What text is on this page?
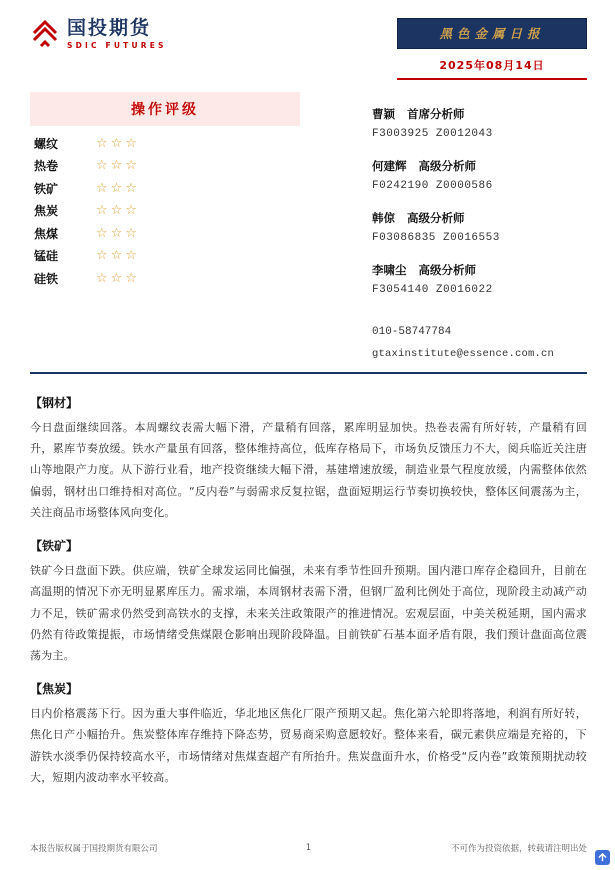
国投期货
SDIC FUTURES
黑色金属日报
2025年08月14日
操作评级
螺纹	☆☆☆
热卷	☆☆☆
铁矿	☆☆☆
焦炭	☆☆☆
焦煤	☆☆☆
锰硅	☆☆☆
硅铁	☆☆☆
曹颖 首席分析师
F3003925 Z0012043
何建辉 高级分析师
F0242190 Z0000586
韩倞 高级分析师
F03086835 Z0016553
李啸尘 高级分析师
F3054140 Z0016022
010-58747784
gtaxinstitute@essence.com.cn
【钢材】
今日盘面继续回落。本周螺纹表需大幅下滑，产量稍有回落，累库明显加快。热卷表需有所好转，产量稍有回升，累库节奏放缓。铁水产量虽有回落，整体维持高位，低库存格局下，市场负反馈压力不大，阅兵临近关注唐山等地限产力度。从下游行业看，地产投资继续大幅下滑，基建增速放缓，制造业景气程度放缓，内需整体依然偏弱，钢材出口维持相对高位。“反内卷”与弱需求反复拉锯，盘面短期运行节奏切换较快，整体区间震荡为主，关注商品市场整体风向变化。
【铁矿】
铁矿今日盘面下跌。供应端，铁矿全球发运同比偏强，未来有季节性回升预期。国内港口库存企稳回升，目前在高温期的情况下亦无明显累库压力。需求端，本周钢材表需下滑，但钢厂盈利比例处于高位，现阶段主动减产动力不足，铁矿需求仍然受到高铁水的支撑，未来关注政策限产的推进情况。宏观层面，中美关税延期，国内需求仍然有待政策提振，市场情绪受焦煤限仓影响出现阶段降温。目前铁矿石基本面矛盾有限，我们预计盘面高位震荡为主。
【焦炭】
日内价格震荡下行。因为重大事件临近，华北地区焦化厂限产预期又起。焦化第六轮即将落地，利润有所好转，焦化日产小幅抬升。焦炭整体库存维持下降态势，贸易商采购意愿较好。整体来看，碳元素供应端是充裕的，下游铁水淡季仍保持较高水平，市场情绪对焦煤查超产有所抬升。焦炭盘面升水，价格受“反内卷”政策预期扰动较大，短期内波动率水平较高。
本报告版权属于国投期货有限公司	1	不可作为投资依据，转载请注明出处
